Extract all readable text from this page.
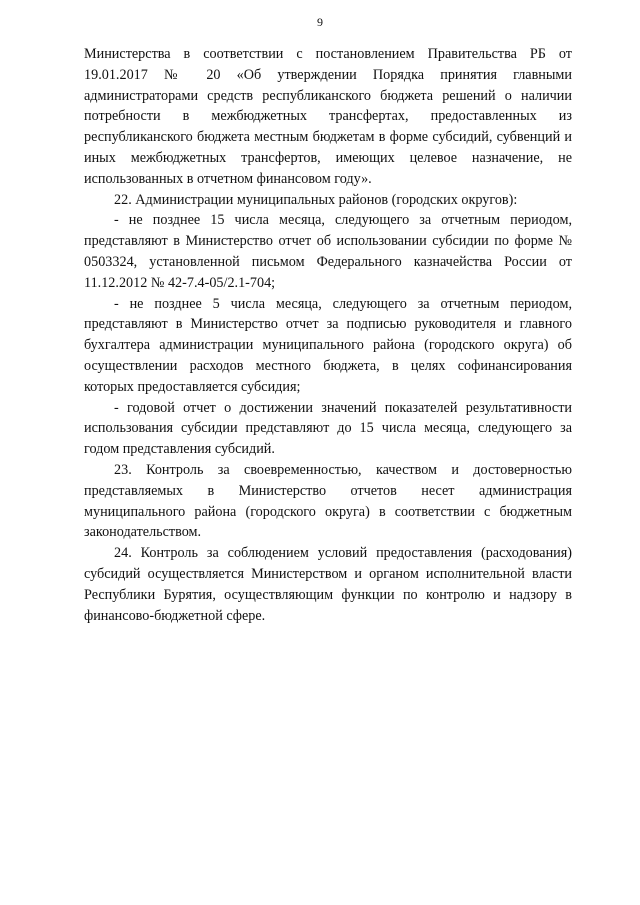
9

Министерства в соответствии с постановлением Правительства РБ от 19.01.2017 № 20 «Об утверждении Порядка принятия главными администраторами средств республиканского бюджета решений о наличии потребности в межбюджетных трансфертах, предоставленных из республиканского бюджета местным бюджетам в форме субсидий, субвенций и иных межбюджетных трансфертов, имеющих целевое назначение, не использованных в отчетном финансовом году».

22. Администрации муниципальных районов (городских округов):

- не позднее 15 числа месяца, следующего за отчетным периодом, представляют в Министерство отчет об использовании субсидии по форме № 0503324, установленной письмом Федерального казначейства России от 11.12.2012 № 42-7.4-05/2.1-704;

- не позднее 5 числа месяца, следующего за отчетным периодом, представляют в Министерство отчет за подписью руководителя и главного бухгалтера администрации муниципального района (городского округа) об осуществлении расходов местного бюджета, в целях софинансирования которых предоставляется субсидия;

- годовой отчет о достижении значений показателей результативности использования субсидии представляют до 15 числа месяца, следующего за годом представления субсидий.

23. Контроль за своевременностью, качеством и достоверностью представляемых в Министерство отчетов несет администрация муниципального района (городского округа) в соответствии с бюджетным законодательством.

24. Контроль за соблюдением условий предоставления (расходования) субсидий осуществляется Министерством и органом исполнительной власти Республики Бурятия, осуществляющим функции по контролю и надзору в финансово-бюджетной сфере.
